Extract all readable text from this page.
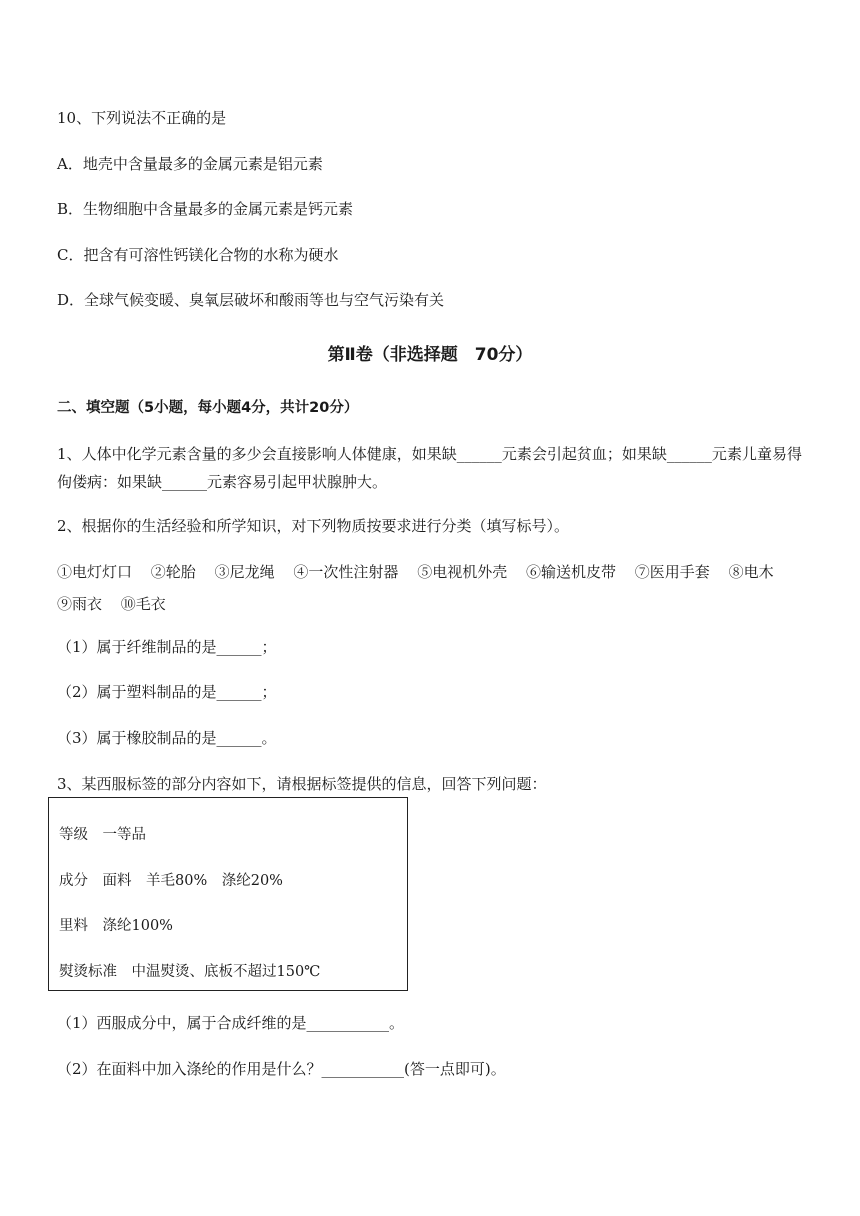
10、下列说法不正确的是
A．地壳中含量最多的金属元素是铝元素
B．生物细胞中含量最多的金属元素是钙元素
C．把含有可溶性钙镁化合物的水称为硬水
D．全球气候变暖、臭氧层破坏和酸雨等也与空气污染有关
第Ⅱ卷（非选择题　70分）
二、填空题（5小题，每小题4分，共计20分）
1、人体中化学元素含量的多少会直接影响人体健康，如果缺______元素会引起贫血；如果缺______元素儿童易得佝偻病：如果缺______元素容易引起甲状腺肿大。
2、根据你的生活经验和所学知识，对下列物质按要求进行分类（填写标号）。
①电灯灯口 ②轮胎 ③尼龙绳 ④一次性注射器 ⑤电视机外壳 ⑥输送机皮带 ⑦医用手套 ⑧电木 ⑨雨衣 ⑩毛衣
（1）属于纤维制品的是______；
（2）属于塑料制品的是______；
（3）属于橡胶制品的是______。
3、某西服标签的部分内容如下，请根据标签提供的信息，回答下列问题：
等级　一等品
成分　面料　羊毛80%　涤纶20%
里料　涤纶100%
熨烫标准　中温熨烫、底板不超过150℃
（1）西服成分中，属于合成纤维的是___________。
（2）在面料中加入涤纶的作用是什么？___________(答一点即可)。
